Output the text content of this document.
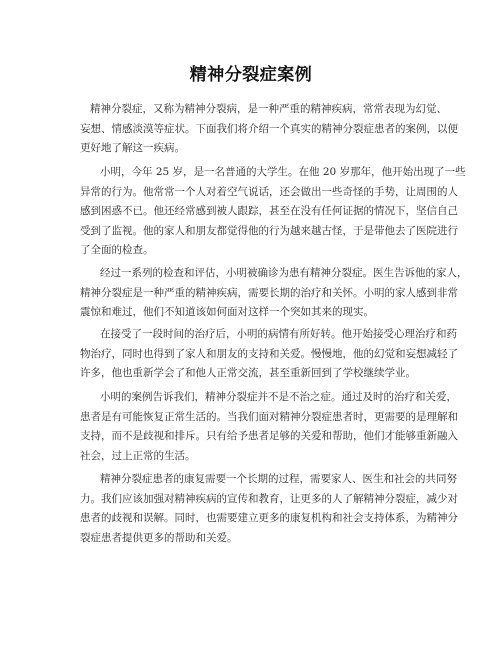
精神分裂症案例

精神分裂症，又称为精神分裂病，是一种严重的精神疾病，常常表现为幻觉、
妄想、情感淡漠等症状。下面我们将介绍一个真实的精神分裂症患者的案例，以便
更好地了解这一疾病。

小明，今年 25 岁，是一名普通的大学生。在他 20 岁那年，他开始出现了一些
异常的行为。他常常一个人对着空气说话，还会做出一些奇怪的手势，让周围的人
感到困惑不已。他还经常感到被人跟踪，甚至在没有任何证据的情况下，坚信自己
受到了监视。他的家人和朋友都觉得他的行为越来越古怪，于是带他去了医院进行
了全面的检查。

经过一系列的检查和评估，小明被确诊为患有精神分裂症。医生告诉他的家人，
精神分裂症是一种严重的精神疾病，需要长期的治疗和关怀。小明的家人感到非常
震惊和难过，他们不知道该如何面对这样一个突如其来的现实。

在接受了一段时间的治疗后，小明的病情有所好转。他开始接受心理治疗和药
物治疗，同时也得到了家人和朋友的支持和关爱。慢慢地，他的幻觉和妄想减轻了
许多，他也重新学会了和他人正常交流，甚至重新回到了学校继续学业。

小明的案例告诉我们，精神分裂症并不是不治之症。通过及时的治疗和关爱，
患者是有可能恢复正常生活的。当我们面对精神分裂症患者时，更需要的是理解和
支持，而不是歧视和排斥。只有给予患者足够的关爱和帮助，他们才能够重新融入
社会，过上正常的生活。

精神分裂症患者的康复需要一个长期的过程，需要家人、医生和社会的共同努
力。我们应该加强对精神疾病的宣传和教育，让更多的人了解精神分裂症，减少对
患者的歧视和误解。同时，也需要建立更多的康复机构和社会支持体系，为精神分
裂症患者提供更多的帮助和关爱。
